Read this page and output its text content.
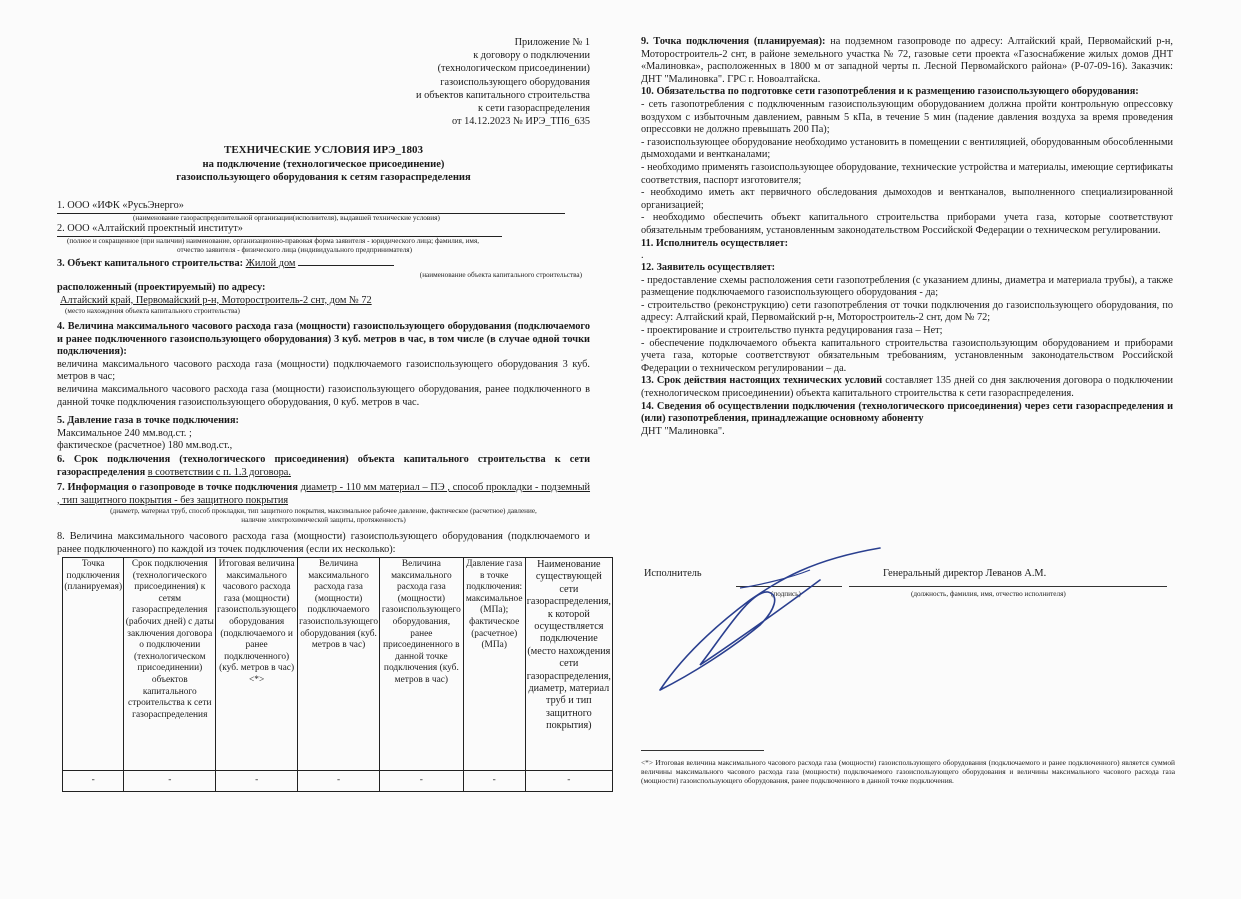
Приложение № 1
к договору о подключении
(технологическом присоединении)
газоиспользующего оборудования
и объектов капитального строительства
к сети газораспределения
от 14.12.2023 № ИРЭ_ТП6_635
ТЕХНИЧЕСКИЕ УСЛОВИЯ ИРЭ_1803
на подключение (технологическое присоединение)
газоиспользующего оборудования к сетям газораспределения
1. ООО «ИФК «РусьЭнерго»
(наименование газораспределительной организации(исполнителя), выдавшей технические условия)
2. ООО «Алтайский проектный институт»
(полное и сокращенное (при наличии) наименование, организационно-правовая форма заявителя - юридического лица; фамилия, имя,
отчество заявителя - физического лица (индивидуального предпринимателя)
3. Объект капитального строительства: Жилой дом
(наименование объекта капитального строительства)
расположенный (проектируемый) по адресу:
Алтайский край, Первомайский р-н, Моторостроитель-2 снт, дом № 72
(место нахождения объекта капитального строительства)

4. Величина максимального часового расхода газа (мощности) газоиспользующего оборудования (подключаемого и ранее подключенного газоиспользующего оборудования) 3 куб. метров в час, в том числе (в случае одной точки подключения):

величина максимального часового расхода газа (мощности) подключаемого газоиспользующего оборудования 3 куб. метров в час;

величина максимального часового расхода газа (мощности) газоиспользующего оборудования, ранее подключенного в данной точке подключения газоиспользующего оборудования, 0 куб. метров в час.

5. Давление газа в точке подключения:

Максимальное 240 мм.вод.ст. ;

фактическое (расчетное) 180 мм.вод.ст.,

6. Срок подключения (технологического присоединения) объекта капитального строительства к сети газораспределения в соответствии с п. 1.3 договора.
7. Информация о газопроводе в точке подключения диаметр - 110 мм материал – ПЭ , способ прокладки - подземный , тип защитного покрытия - без защитного покрытия
(диаметр, материал труб, способ прокладки, тип защитного покрытия, максимальное рабочее давление, фактическое (расчетное) давление,
наличие электрохимической защиты, протяженность)

8. Величина максимального часового расхода газа (мощности) газоиспользующего оборудования (подключаемого и ранее подключенного) по каждой из точек подключения (если их несколько):

Точка подключения (планируемая)	Срок подключения (технологического присоединения) к сетям газораспределения (рабочих дней) с даты заключения договора о подключении (технологическом присоединении) объектов капитального строительства к сети газораспределения	Итоговая величина максимального часового расхода газа (мощности) газоиспользующего оборудования (подключаемого и ранее подключенного) (куб. метров в час) <*>	Величина максимального расхода газа (мощности) подключаемого газоиспользующего оборудования (куб. метров в час)	Величина максимального расхода газа (мощности) газоиспользующего оборудования, ранее присоединенного в данной точке подключения (куб. метров в час)	Давление газа в точке подключения: максимальное (МПа); фактическое (расчетное) (МПа)	Наименование существующей сети газораспределения, к которой осуществляется подключение (место нахождения сети газораспределения, диаметр, материал труб и тип защитного покрытия)
-	-	-	-	-	-	-

9. Точка подключения (планируемая): на подземном газопроводе по адресу: Алтайский край, Первомайский р-н, Моторостроитель-2 снт, в районе земельного участка № 72, газовые сети проекта «Газоснабжение жилых домов ДНТ «Малиновка», расположенных в 1800 м от западной черты п. Лесной Первомайского района» (Р-07-09-16). Заказчик: ДНТ "Малиновка". ГРС г. Новоалтайска.

10. Обязательства по подготовке сети газопотребления и к размещению газоиспользующего оборудования:

- сеть газопотребления с подключенным газоиспользующим оборудованием должна пройти контрольную опрессовку воздухом с избыточным давлением, равным 5 кПа, в течение 5 мин (падение давления воздуха за время проведения опрессовки не должно превышать 200 Па);

- газоиспользующее оборудование необходимо установить в помещении с вентиляцией, оборудованным обособленными дымоходами и вентканалами;

- необходимо применять газоиспользующее оборудование, технические устройства и материалы, имеющие сертификаты соответствия, паспорт изготовителя;

- необходимо иметь акт первичного обследования дымоходов и вентканалов, выполненного специализированной организацией;

- необходимо обеспечить объект капитального строительства приборами учета газа, которые соответствуют обязательным требованиям, установленным законодательством Российской Федерации о техническом регулировании.

11. Исполнитель осуществляет:

.

12. Заявитель осуществляет:

- предоставление схемы расположения сети газопотребления (с указанием длины, диаметра и материала трубы), а также размещение подключаемого газоиспользующего оборудования - да;

- строительство (реконструкцию) сети газопотребления от точки подключения до газоиспользующего оборудования, по адресу: Алтайский край, Первомайский р-н, Моторостроитель-2 снт, дом № 72;

- проектирование и строительство пункта редуцирования газа – Нет;

- обеспечение подключаемого объекта капитального строительства газоиспользующим оборудованием и приборами учета газа, которые соответствуют обязательным требованиям, установленным законодательством Российской Федерации о техническом регулировании – да.

13. Срок действия настоящих технических условий составляет 135 дней со дня заключения договора о подключении (технологическом присоединении) объекта капитального строительства к сети газораспределения.

14. Сведения об осуществлении подключения (технологического присоединения) через сети газораспределения и (или) газопотребления, принадлежащие основному абоненту

ДНТ "Малиновка".

Исполнитель	Генеральный директор Леванов А.М.
(подпись)	(должность, фамилия, имя, отчество исполнителя)
<*> Итоговая величина максимального часового расхода газа (мощности) газоиспользующего оборудования (подключаемого и ранее подключенного) является суммой величины максимального часового расхода газа (мощности) подключаемого газоиспользующего оборудования и величины максимального часового расхода газа (мощности) газоиспользующего оборудования, ранее подключенного в данной точке подключения.
